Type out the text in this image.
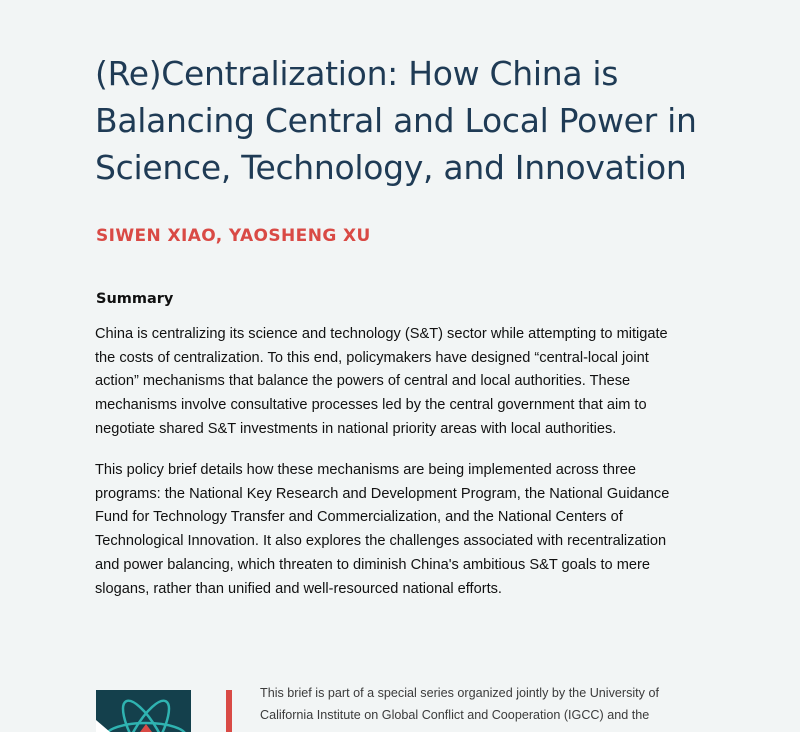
(Re)Centralization: How China is
Balancing Central and Local Power in
Science, Technology, and Innovation

SIWEN XIAO, YAOSHENG XU

Summary

China is centralizing its science and technology (S&T) sector while attempting to mitigate the costs of centralization. To this end, policymakers have designed “central-local joint action” mechanisms that balance the powers of central and local authorities. These mechanisms involve consultative processes led by the central government that aim to negotiate shared S&T investments in national priority areas with local authorities.

This policy brief details how these mechanisms are being implemented across three programs: the National Key Research and Development Program, the National Guidance Fund for Technology Transfer and Commercialization, and the National Centers of Technological Innovation. It also explores the challenges associated with recentralization and power balancing, which threaten to diminish China's ambitious S&T goals to mere slogans, rather than unified and well-resourced national efforts.

This brief is part of a special series organized jointly by the University of California Institute on Global Conflict and Cooperation (IGCC) and the
